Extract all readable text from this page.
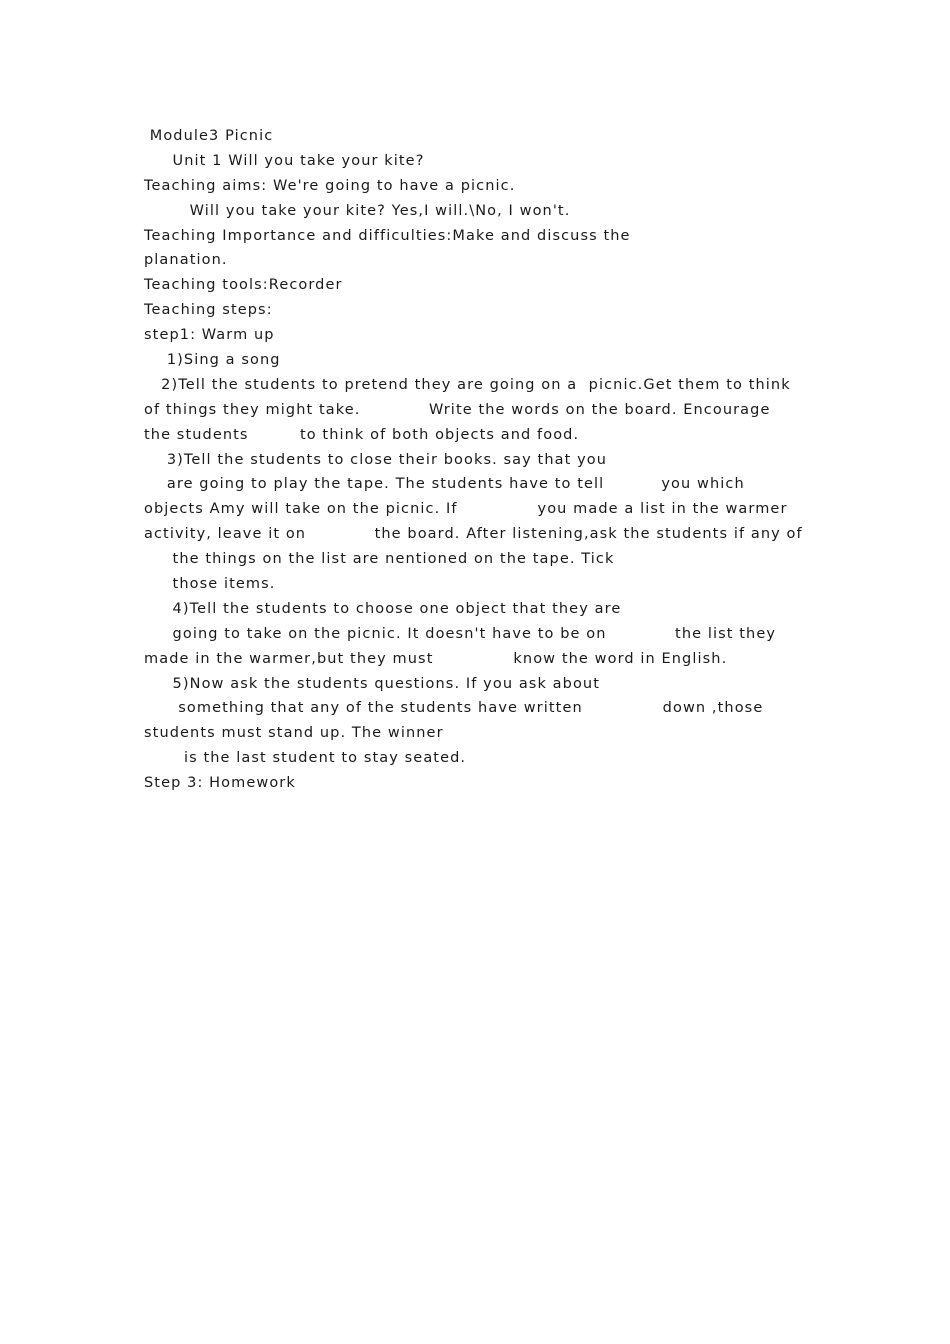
Module3 Picnic
Unit 1 Will you take your kite?
Teaching aims: We're going to have a picnic.
Will you take your kite? Yes,I will.\No, I won't.
Teaching Importance and difficulties:Make and discuss the
planation.
Teaching tools:Recorder
Teaching steps:
step1: Warm up
1)Sing a song
2)Tell the students to pretend they are going on a  picnic.Get them to think
of things they might take.            Write the words on the board. Encourage
the students         to think of both objects and food.
3)Tell the students to close their books. say that you
are going to play the tape. The students have to tell          you which
objects Amy will take on the picnic. If              you made a list in the warmer
activity, leave it on            the board. After listening,ask the students if any of
the things on the list are nentioned on the tape. Tick
those items.
4)Tell the students to choose one object that they are
going to take on the picnic. It doesn't have to be on            the list they
made in the warmer,but they must              know the word in English.
5)Now ask the students questions. If you ask about
something that any of the students have written              down ,those
students must stand up. The winner
is the last student to stay seated.
Step 3: Homework
